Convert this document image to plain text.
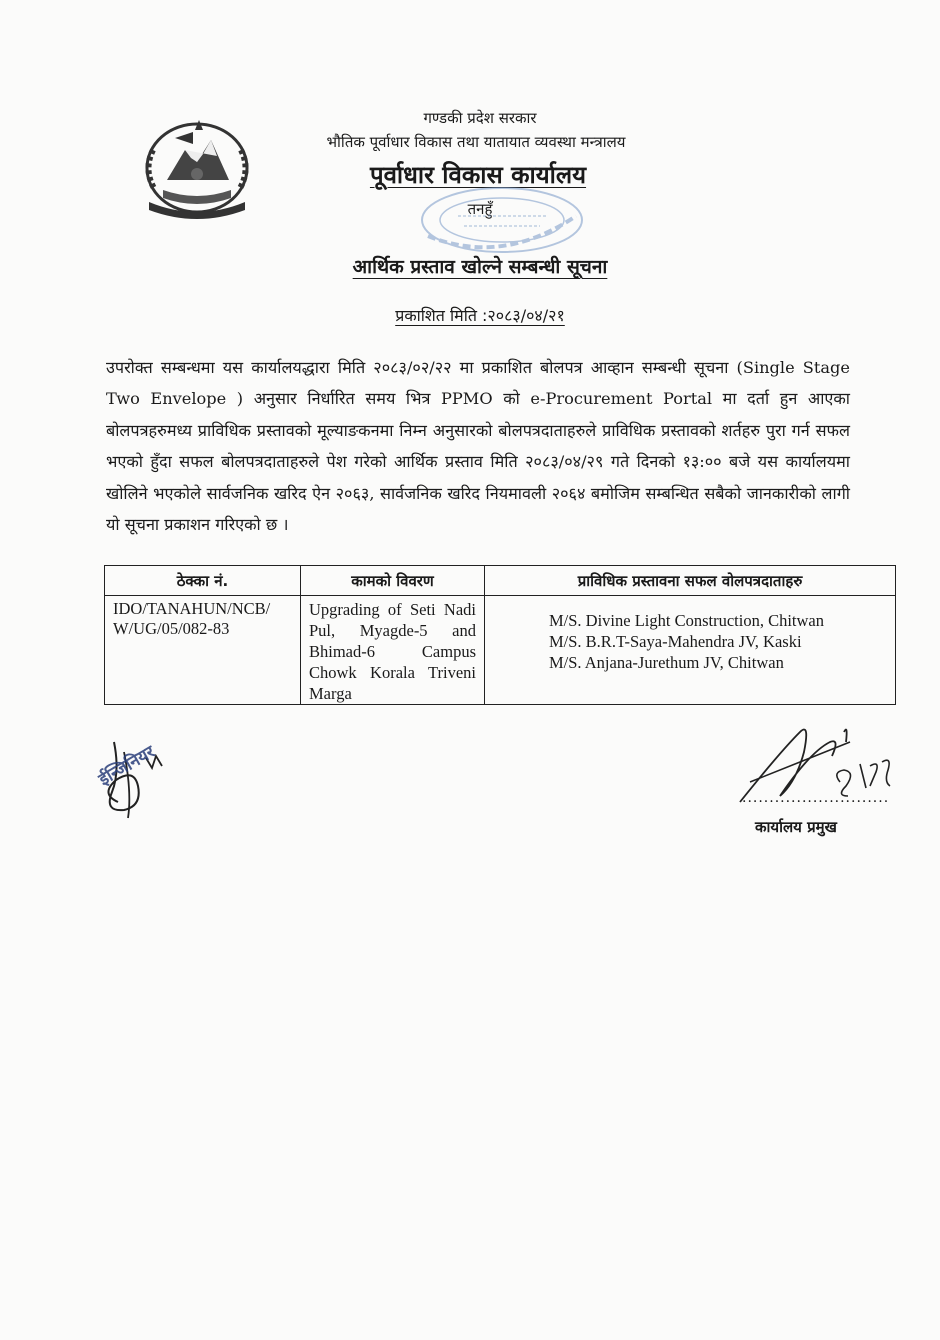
गण्डकी प्रदेश सरकार
भौतिक पूर्वाधार विकास तथा यातायात व्यवस्था मन्त्रालय
पूर्वाधार विकास कार्यालय
तनहुँ
आर्थिक प्रस्ताव खोल्ने सम्बन्धी सूचना
प्रकाशित मिति :२०८३/०४/२१
उपरोक्त सम्बन्धमा यस कार्यालयद्धारा मिति २०८३/०२/२२ मा प्रकाशित बोलपत्र आव्हान सम्बन्धी सूचना (Single Stage Two Envelope ) अनुसार निर्धारित समय भित्र PPMO को e-Procurement Portal मा दर्ता हुन आएका बोलपत्रहरुमध्य प्राविधिक प्रस्तावको मूल्याङकनमा निम्न अनुसारको बोलपत्रदाताहरुले प्राविधिक प्रस्तावको शर्तहरु पुरा गर्न सफल भएको हुँदा सफल बोलपत्रदाताहरुले पेश गरेको आर्थिक प्रस्ताव मिति २०८३/०४/२९ गते दिनको १३:०० बजे यस कार्यालयमा खोलिने भएकोले सार्वजनिक खरिद ऐन २०६३, सार्वजनिक खरिद नियमावली २०६४ बमोजिम सम्बन्धित सबैको जानकारीको लागी यो सूचना प्रकाशन गरिएको छ ।
ठेक्का नं.	कामको विवरण	प्राविधिक प्रस्तावना सफल वोलपत्रदाताहरु

IDO/TANAHUN/NCB/W/UG/05/082-83	Upgrading of Seti Nadi Pul, Myagde-5 and Bhimad-6 Campus Chowk Korala Triveni Marga	M/S. Divine Light Construction, Chitwan
M/S. B.R.T-Saya-Mahendra JV, Kaski
M/S. Anjana-Jurethum JV, Chitwan
ईन्जिनियर
...........................
कार्यालय प्रमुख
